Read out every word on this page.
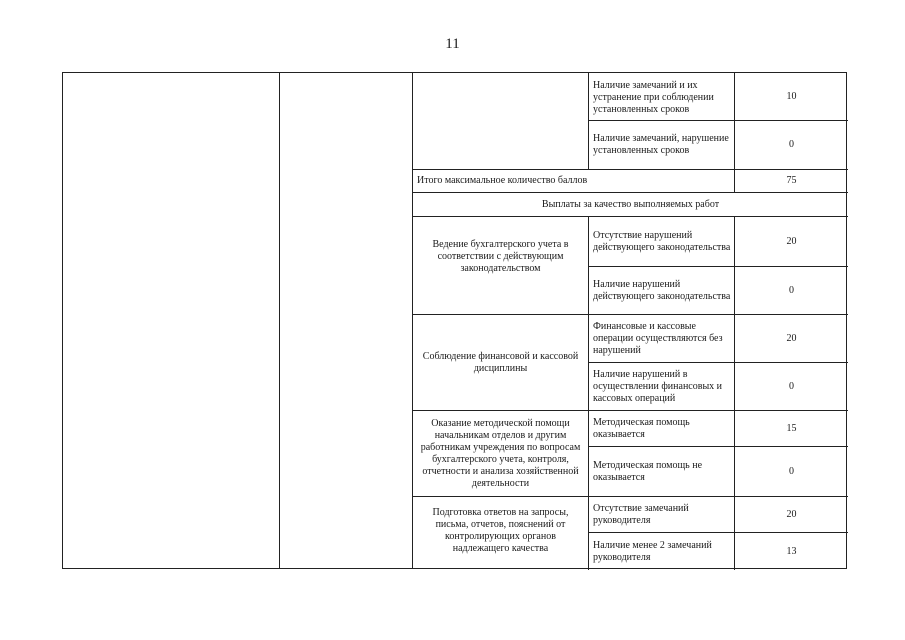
11
Наличие замечаний и их устранение при соблюдении установленных сроков
10
Наличие замечаний, нарушение установленных сроков
0
Итого максимальное количество баллов	75
Выплаты за качество выполняемых работ
Ведение бухгалтерского учета в соответствии с действующим законодательством
Отсутствие нарушений действующего законодательства
20
Наличие нарушений действующего законодательства
0
Соблюдение финансовой и кассовой дисциплины
Финансовые и кассовые операции осуществляются без нарушений
20
Наличие нарушений в осуществлении финансовых и кассовых операций
0
Оказание методической помощи начальникам отделов и другим работникам учреждения по вопросам бухгалтерского учета, контроля, отчетности и анализа хозяйственной деятельности
Методическая помощь оказывается
15
Методическая помощь не оказывается
0
Подготовка ответов на запросы, письма, отчетов, пояснений от контролирующих органов надлежащего качества
Отсутствие замечаний руководителя
20
Наличие менее 2 замечаний руководителя
13
